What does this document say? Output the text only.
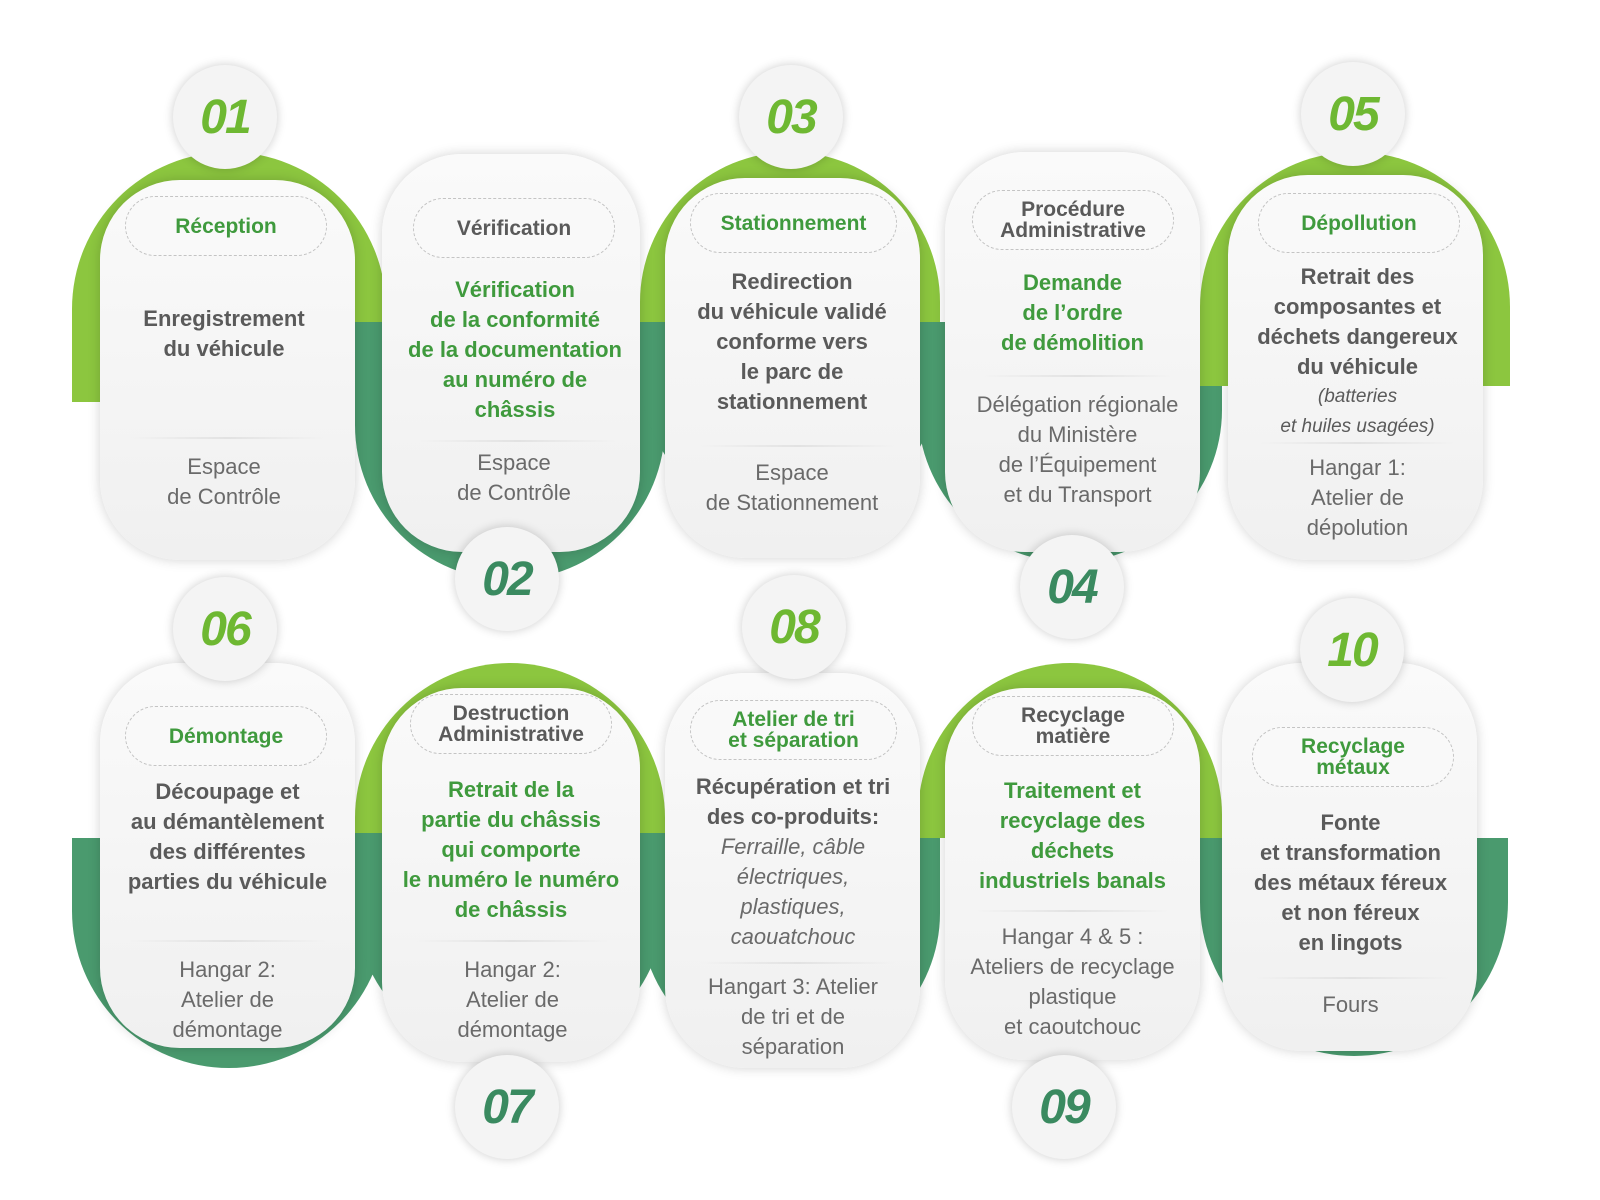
01
Réception
Enregistrement
du véhicule
Espace
de Contrôle
02
Vérification
Vérification
de la conformité
de la documentation
au numéro de
châssis
Espace
de Contrôle
03
Stationnement
Redirection
du véhicule validé
conforme vers
le parc de
stationnement
Espace
de Stationnement
04
Procédure
Administrative
Demande
de l’ordre
de démolition
Délégation régionale
du Ministère
de l’Équipement
et du Transport
05
Dépollution
Retrait des
composantes et
déchets dangereux
du véhicule
(batteries
et huiles usagées)
Hangar 1:
Atelier de
dépolution
06
Démontage
Découpage et
au démantèlement
des différentes
parties du véhicule
Hangar 2:
Atelier de
démontage
07
Destruction
Administrative
Retrait de la
partie du châssis
qui comporte
le numéro le numéro
de châssis
Hangar 2:
Atelier de
démontage
08
Atelier de tri
et séparation
Récupération et tri
des co-produits:
Ferraille, câble
électriques,
plastiques,
caouatchouc
Hangart 3: Atelier
de tri et de
séparation
09
Recyclage
matière
Traitement et
recyclage des
déchets
industriels banals
Hangar 4 & 5 :
Ateliers de recyclage
plastique
et caoutchouc
10
Recyclage
métaux
Fonte
et transformation
des métaux féreux
et non féreux
en lingots
Fours
